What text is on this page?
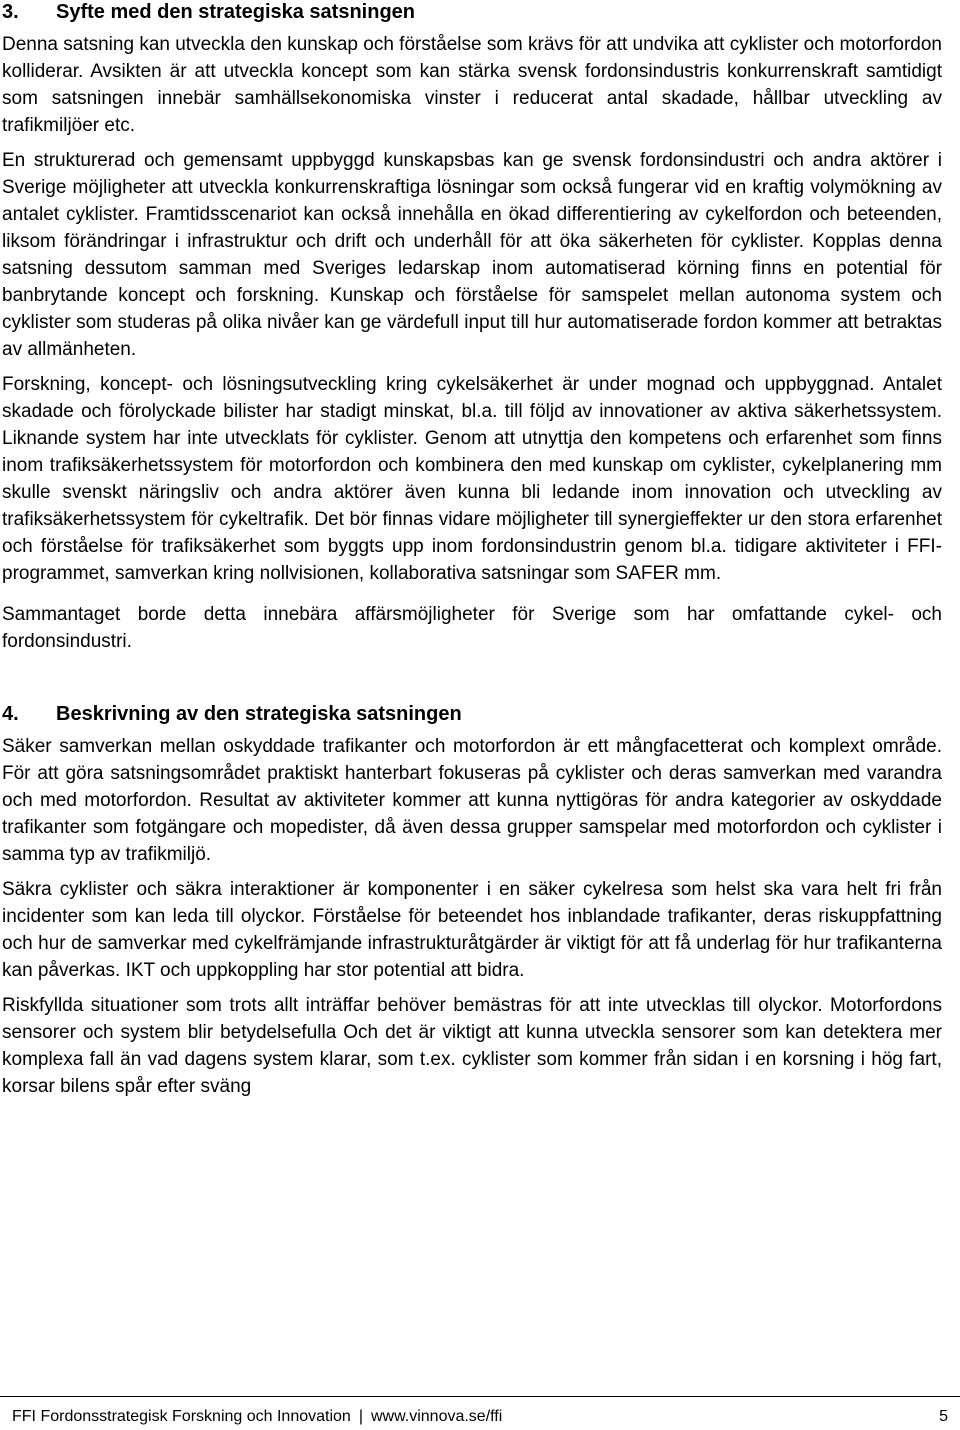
3.	Syfte med den strategiska satsningen

Denna satsning kan utveckla den kunskap och förståelse som krävs för att undvika att cyklister och motorfordon kolliderar. Avsikten är att utveckla koncept som kan stärka svensk fordonsindustris konkurrenskraft samtidigt som satsningen innebär samhällsekonomiska vinster i reducerat antal skadade, hållbar utveckling av trafikmiljöer etc.

En strukturerad och gemensamt uppbyggd kunskapsbas kan ge svensk fordonsindustri och andra aktörer i Sverige möjligheter att utveckla konkurrenskraftiga lösningar som också fungerar vid en kraftig volymökning av antalet cyklister. Framtidsscenariot kan också innehålla en ökad differentiering av cykelfordon och beteenden, liksom förändringar i infrastruktur och drift och underhåll för att öka säkerheten för cyklister. Kopplas denna satsning dessutom samman med Sveriges ledarskap inom automatiserad körning finns en potential för banbrytande koncept och forskning. Kunskap och förståelse för samspelet mellan autonoma system och cyklister som studeras på olika nivåer kan ge värdefull input till hur automatiserade fordon kommer att betraktas av allmänheten.

Forskning, koncept- och lösningsutveckling kring cykelsäkerhet är under mognad och uppbyggnad. Antalet skadade och förolyckade bilister har stadigt minskat, bl.a. till följd av innovationer av aktiva säkerhetssystem. Liknande system har inte utvecklats för cyklister. Genom att utnyttja den kompetens och erfarenhet som finns inom trafiksäkerhetssystem för motorfordon och kombinera den med kunskap om cyklister, cykelplanering mm skulle svenskt näringsliv och andra aktörer även kunna bli ledande inom innovation och utveckling av trafiksäkerhetssystem för cykeltrafik. Det bör finnas vidare möjligheter till synergieffekter ur den stora erfarenhet och förståelse för trafiksäkerhet som byggts upp inom fordonsindustrin genom bl.a. tidigare aktiviteter i FFI-programmet, samverkan kring nollvisionen, kollaborativa satsningar som SAFER mm.

Sammantaget borde detta innebära affärsmöjligheter för Sverige som har omfattande cykel- och fordonsindustri.

4.	Beskrivning av den strategiska satsningen

Säker samverkan mellan oskyddade trafikanter och motorfordon är ett mångfacetterat och komplext område. För att göra satsningsområdet praktiskt hanterbart fokuseras på cyklister och deras samverkan med varandra och med motorfordon. Resultat av aktiviteter kommer att kunna nyttigöras för andra kategorier av oskyddade trafikanter som fotgängare och mopedister, då även dessa grupper samspelar med motorfordon och cyklister i samma typ av trafikmiljö.

Säkra cyklister och säkra interaktioner är komponenter i en säker cykelresa som helst ska vara helt fri från incidenter som kan leda till olyckor. Förståelse för beteendet hos inblandade trafikanter, deras riskuppfattning och hur de samverkar med cykelfrämjande infrastrukturåtgärder är viktigt för att få underlag för hur trafikanterna kan påverkas. IKT och uppkoppling har stor potential att bidra.

Riskfyllda situationer som trots allt inträffar behöver bemästras för att inte utvecklas till olyckor. Motorfordons sensorer och system blir betydelsefulla Och det är viktigt att kunna utveckla sensorer som kan detektera mer komplexa fall än vad dagens system klarar, som t.ex. cyklister som kommer från sidan i en korsning i hög fart, korsar bilens spår efter sväng

FFI Fordonsstrategisk Forskning och Innovation | www.vinnova.se/ffi	5
